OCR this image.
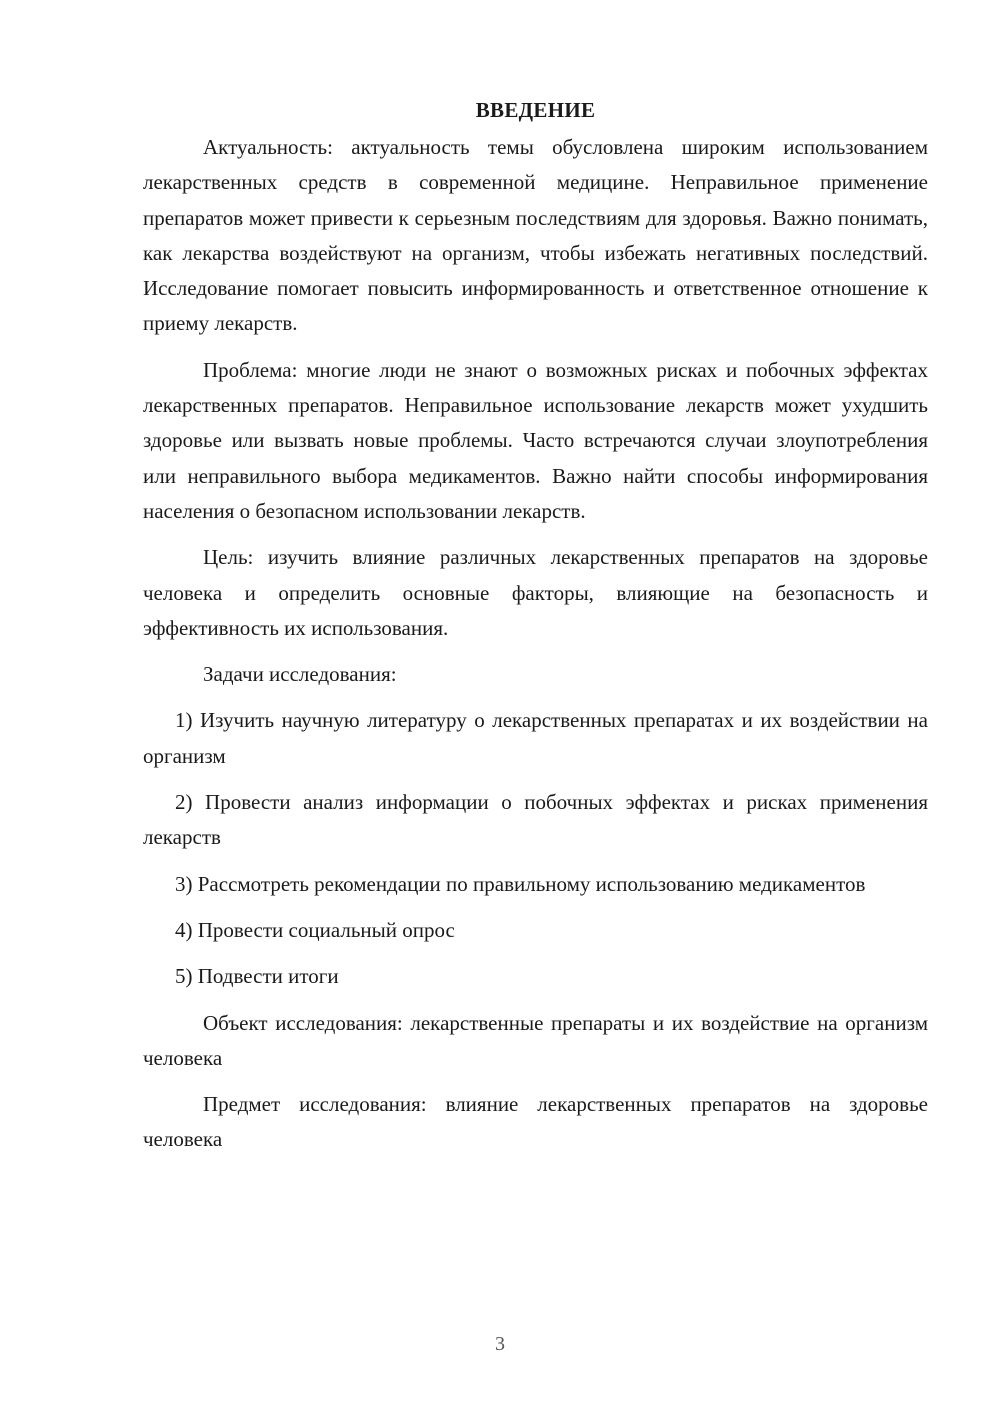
ВВЕДЕНИЕ

Актуальность: актуальность темы обусловлена широким использованием лекарственных средств в современной медицине. Неправильное применение препаратов может привести к серьезным последствиям для здоровья. Важно понимать, как лекарства воздействуют на организм, чтобы избежать негативных последствий. Исследование помогает повысить информированность и ответственное отношение к приему лекарств.

Проблема: многие люди не знают о возможных рисках и побочных эффектах лекарственных препаратов. Неправильное использование лекарств может ухудшить здоровье или вызвать новые проблемы. Часто встречаются случаи злоупотребления или неправильного выбора медикаментов. Важно найти способы информирования населения о безопасном использовании лекарств.

Цель: изучить влияние различных лекарственных препаратов на здоровье человека и определить основные факторы, влияющие на безопасность и эффективность их использования.

Задачи исследования:

1) Изучить научную литературу о лекарственных препаратах и их воздействии на организм

2) Провести анализ информации о побочных эффектах и рисках применения лекарств

3) Рассмотреть рекомендации по правильному использованию медикаментов

4) Провести социальный опрос

5) Подвести итоги

Объект исследования: лекарственные препараты и их воздействие на организм человека

Предмет исследования: влияние лекарственных препаратов на здоровье человека

3
